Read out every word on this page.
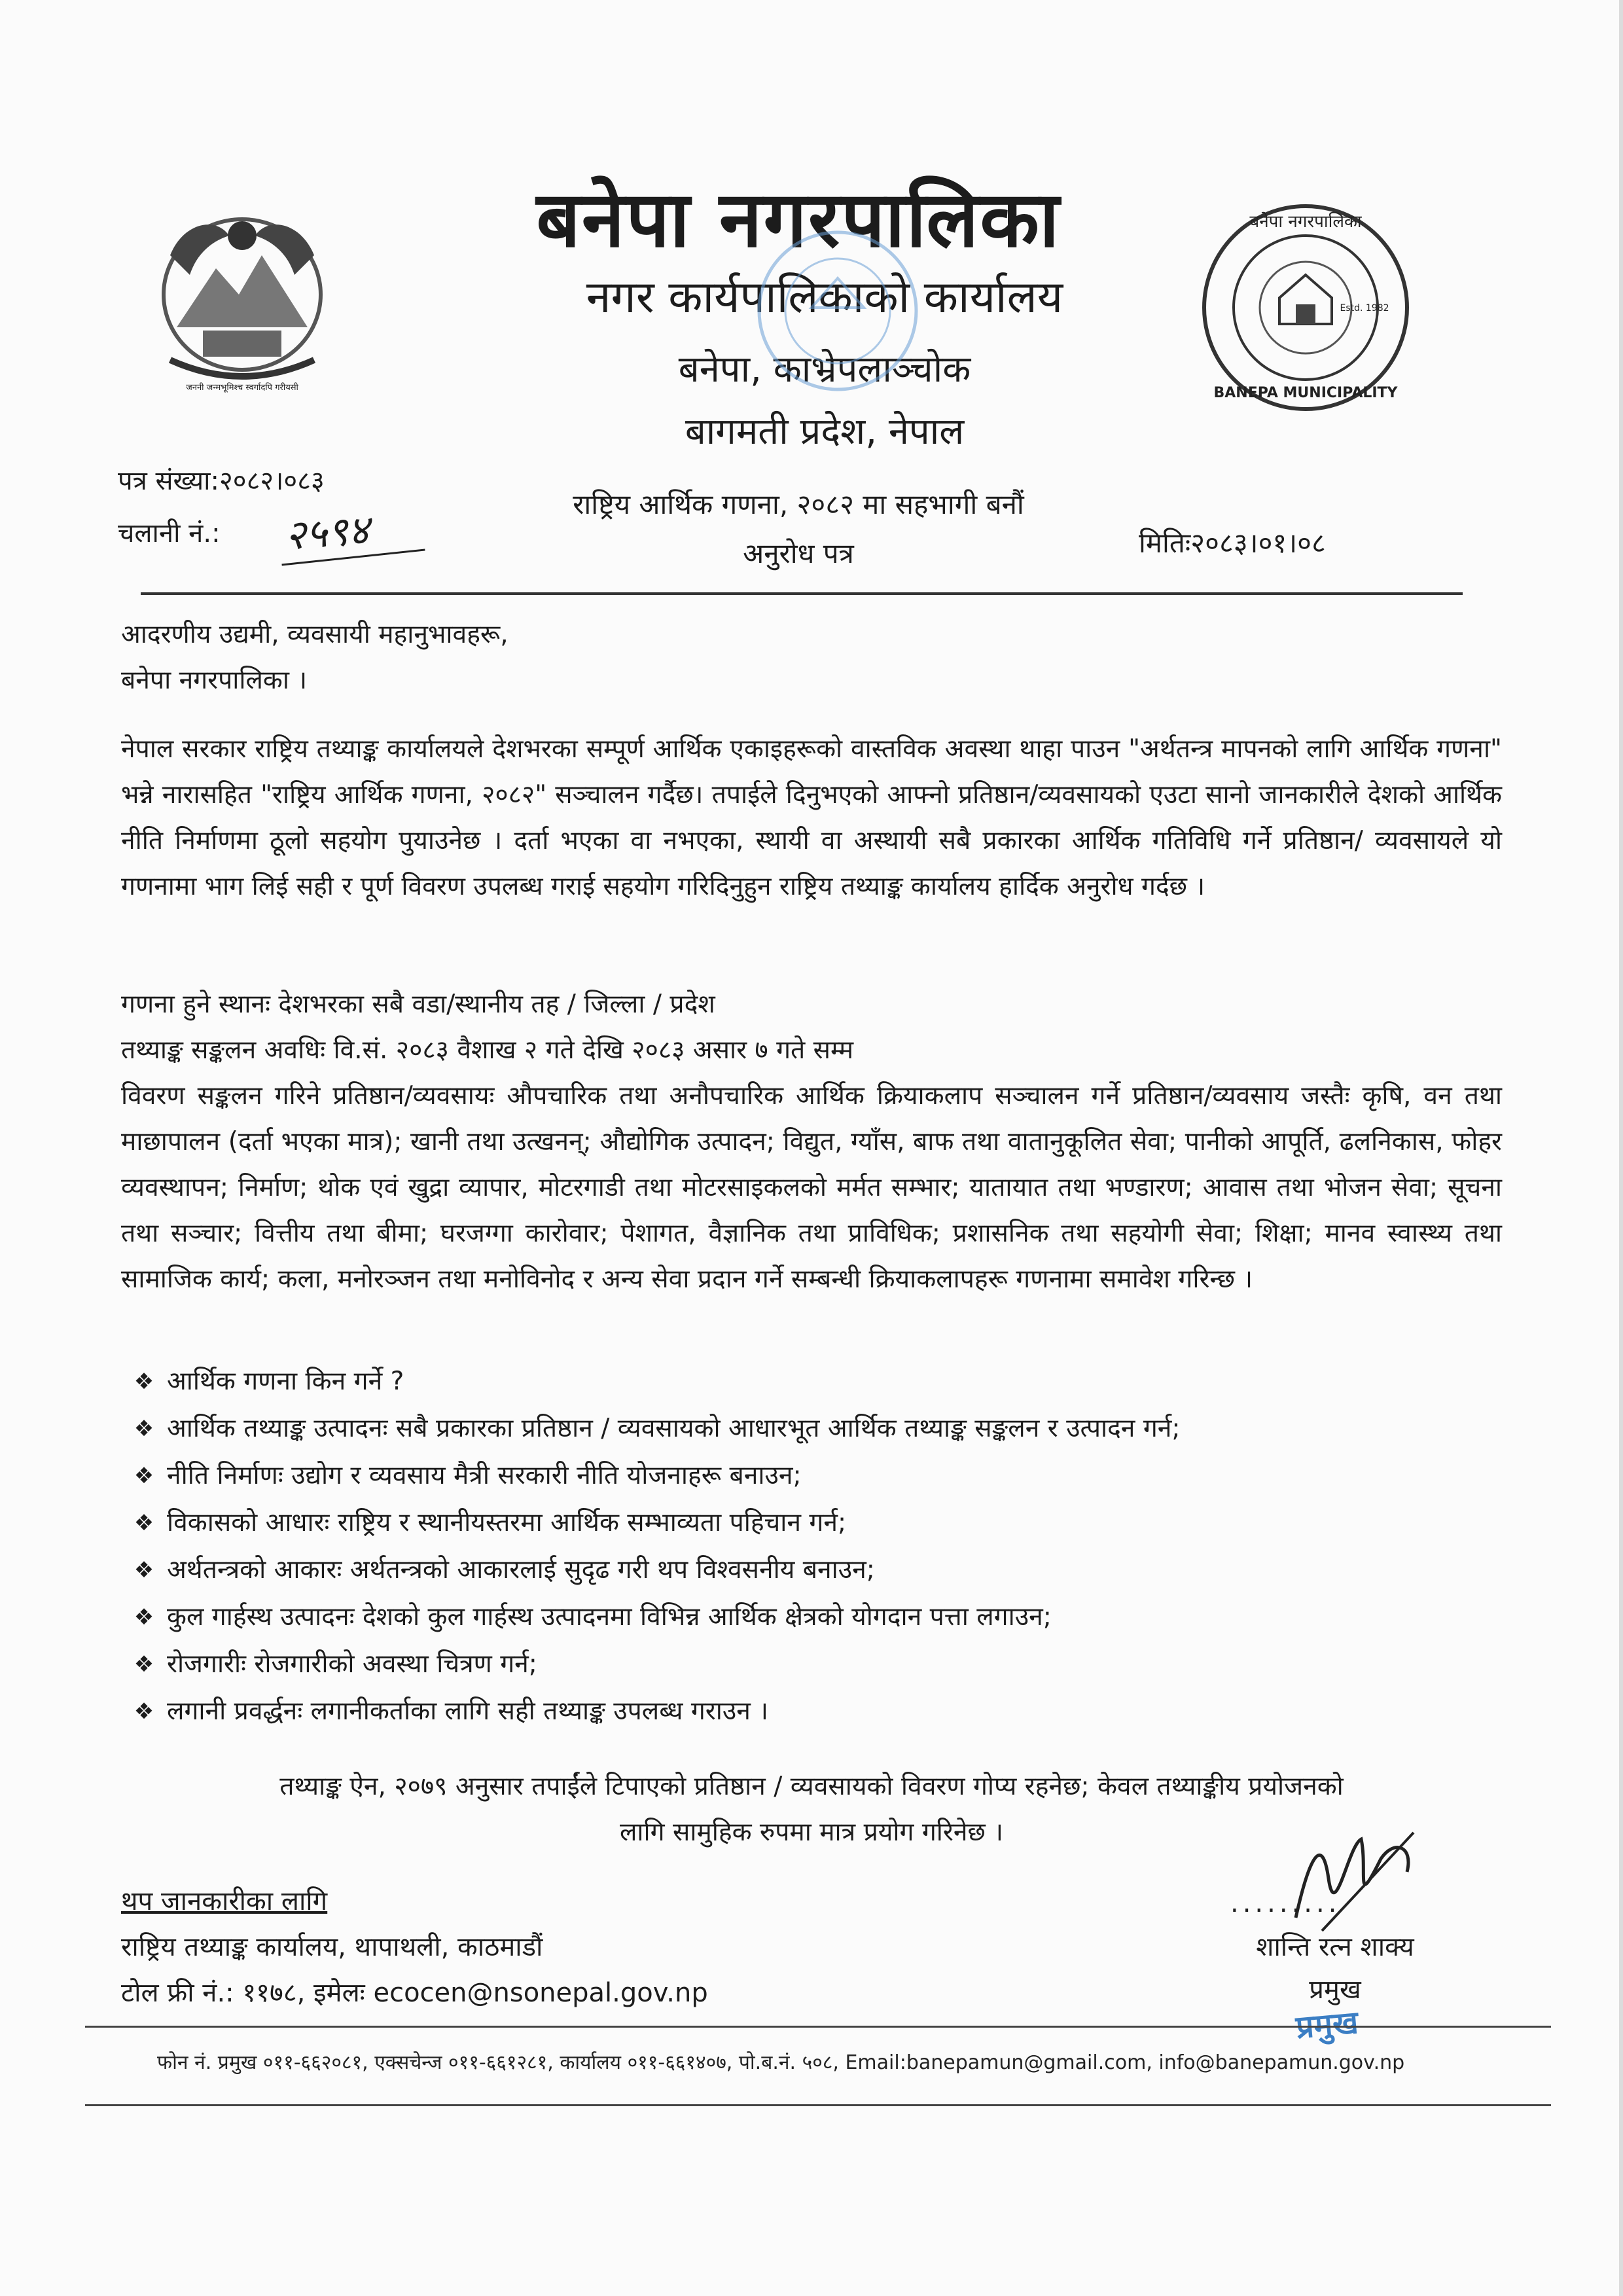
जननी जन्मभूमिश्च स्वर्गादपि गरीयसी
बनेपा नगरपालिका
नगर कार्यपालिकाको कार्यालय
बनेपा, काभ्रेपलाञ्चोक
बागमती प्रदेश, नेपाल
बनेपा नगरपालिका
BANEPA MUNICIPALITY
Estd. 1982
पत्र संख्या:२०८२।०८३
चलानी नं.: २५९४
राष्ट्रिय आर्थिक गणना, २०८२ मा सहभागी बनौं
अनुरोध पत्र	मितिः२०८३।०१।०८
आदरणीय उद्यमी, व्यवसायी महानुभावहरू,
बनेपा नगरपालिका ।

नेपाल सरकार राष्ट्रिय तथ्याङ्क कार्यालयले देशभरका सम्पूर्ण आर्थिक एकाइहरूको वास्तविक अवस्था थाहा पाउन "अर्थतन्त्र मापनको लागि आर्थिक गणना" भन्ने नारासहित "राष्ट्रिय आर्थिक गणना, २०८२" सञ्चालन गर्दैछ। तपाईले दिनुभएको आफ्नो प्रतिष्ठान/व्यवसायको एउटा सानो जानकारीले देशको आर्थिक नीति निर्माणमा ठूलो सहयोग पुयाउनेछ । दर्ता भएका वा नभएका, स्थायी वा अस्थायी सबै प्रकारका आर्थिक गतिविधि गर्ने प्रतिष्ठान/ व्यवसायले यो गणनामा भाग लिई सही र पूर्ण विवरण उपलब्ध गराई सहयोग गरिदिनुहुन राष्ट्रिय तथ्याङ्क कार्यालय हार्दिक अनुरोध गर्दछ ।

गणना हुने स्थानः देशभरका सबै वडा/स्थानीय तह / जिल्ला / प्रदेश
तथ्याङ्क सङ्कलन अवधिः वि.सं. २०८३ वैशाख २ गते देखि २०८३ असार ७ गते सम्म

विवरण सङ्कलन गरिने प्रतिष्ठान/व्यवसायः औपचारिक तथा अनौपचारिक आर्थिक क्रियाकलाप सञ्चालन गर्ने प्रतिष्ठान/व्यवसाय जस्तैः कृषि, वन तथा माछापालन (दर्ता भएका मात्र); खानी तथा उत्खनन्; औद्योगिक उत्पादन; विद्युत, ग्याँस, बाफ तथा वातानुकूलित सेवा; पानीको आपूर्ति, ढलनिकास, फोहर व्यवस्थापन; निर्माण; थोक एवं खुद्रा व्यापार, मोटरगाडी तथा मोटरसाइकलको मर्मत सम्भार; यातायात तथा भण्डारण; आवास तथा भोजन सेवा; सूचना तथा सञ्चार; वित्तीय तथा बीमा; घरजग्गा कारोवार; पेशागत, वैज्ञानिक तथा प्राविधिक; प्रशासनिक तथा सहयोगी सेवा; शिक्षा; मानव स्वास्थ्य तथा सामाजिक कार्य; कला, मनोरञ्जन तथा मनोविनोद र अन्य सेवा प्रदान गर्ने सम्बन्धी क्रियाकलापहरू गणनामा समावेश गरिन्छ ।

❖ आर्थिक गणना किन गर्ने ?
❖ आर्थिक तथ्याङ्क उत्पादनः सबै प्रकारका प्रतिष्ठान / व्यवसायको आधारभूत आर्थिक तथ्याङ्क सङ्कलन र उत्पादन गर्न;
❖ नीति निर्माणः उद्योग र व्यवसाय मैत्री सरकारी नीति योजनाहरू बनाउन;
❖ विकासको आधारः राष्ट्रिय र स्थानीयस्तरमा आर्थिक सम्भाव्यता पहिचान गर्न;
❖ अर्थतन्त्रको आकारः अर्थतन्त्रको आकारलाई सुदृढ गरी थप विश्वसनीय बनाउन;
❖ कुल गार्हस्थ उत्पादनः देशको कुल गार्हस्थ उत्पादनमा विभिन्न आर्थिक क्षेत्रको योगदान पत्ता लगाउन;
❖ रोजगारीः रोजगारीको अवस्था चित्रण गर्न;
❖ लगानी प्रवर्द्धनः लगानीकर्ताका लागि सही तथ्याङ्क उपलब्ध गराउन ।
तथ्याङ्क ऐन, २०७९ अनुसार तपाईंले टिपाएको प्रतिष्ठान / व्यवसायको विवरण गोप्य रहनेछ; केवल तथ्याङ्कीय प्रयोजनको
लागि सामुहिक रुपमा मात्र प्रयोग गरिनेछ ।
थप जानकारीका लागि
राष्ट्रिय तथ्याङ्क कार्यालय, थापाथली, काठमाडौं
टोल फ्री नं.: ११७८, इमेलः ecocen@nsonepal.gov.np
.........
शान्ति रत्न शाक्य
प्रमुख
प्रमुख
फोन नं. प्रमुख ०११-६६२०८१, एक्सचेन्ज ०११-६६१२८१, कार्यालय ०११-६६१४०७, पो.ब.नं. ५०८, Email:banepamun@gmail.com, info@banepamun.gov.np
